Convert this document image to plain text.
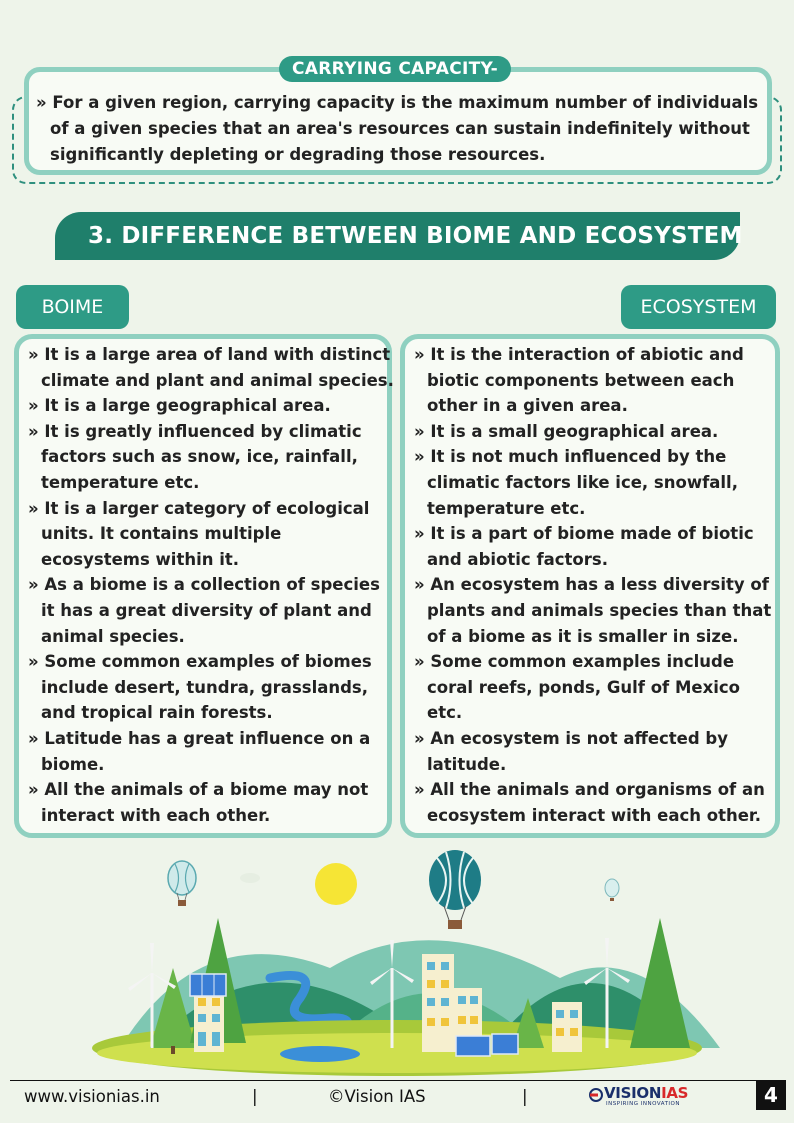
CARRYING CAPACITY-
» For a given region, carrying capacity is the maximum number of individuals
of a given species that an area's resources can sustain indefinitely without
significantly depleting or degrading those resources.
3. DIFFERENCE BETWEEN BIOME AND ECOSYSTEM
BOIME	ECOSYSTEM
» It is a large area of land with distinct
climate and plant and animal species.
» It is a large geographical area.
» It is greatly influenced by climatic
factors such as snow, ice, rainfall,
temperature etc.
» It is a larger category of ecological
units. It contains multiple
ecosystems within it.
» As a biome is a collection of species
it has a great diversity of plant and
animal species.
» Some common examples of biomes
include desert, tundra, grasslands,
and tropical rain forests.
» Latitude has a great influence on a
biome.
» All the animals of a biome may not
interact with each other.
» It is the interaction of abiotic and
biotic components between each
other in a given area.
» It is a small geographical area.
» It is not much influenced by the
climatic factors like ice, snowfall,
temperature etc.
» It is a part of biome made of biotic
and abiotic factors.
» An ecosystem has a less diversity of
plants and animals species than that
of a biome as it is smaller in size.
» Some common examples include
coral reefs, ponds, Gulf of Mexico
etc.
» An ecosystem is not affected by
latitude.
» All the animals and organisms of an
ecosystem interact with each other.
www.visionias.in	|	©Vision IAS	|	VISIONIAS
INSPIRING INNOVATION	4
